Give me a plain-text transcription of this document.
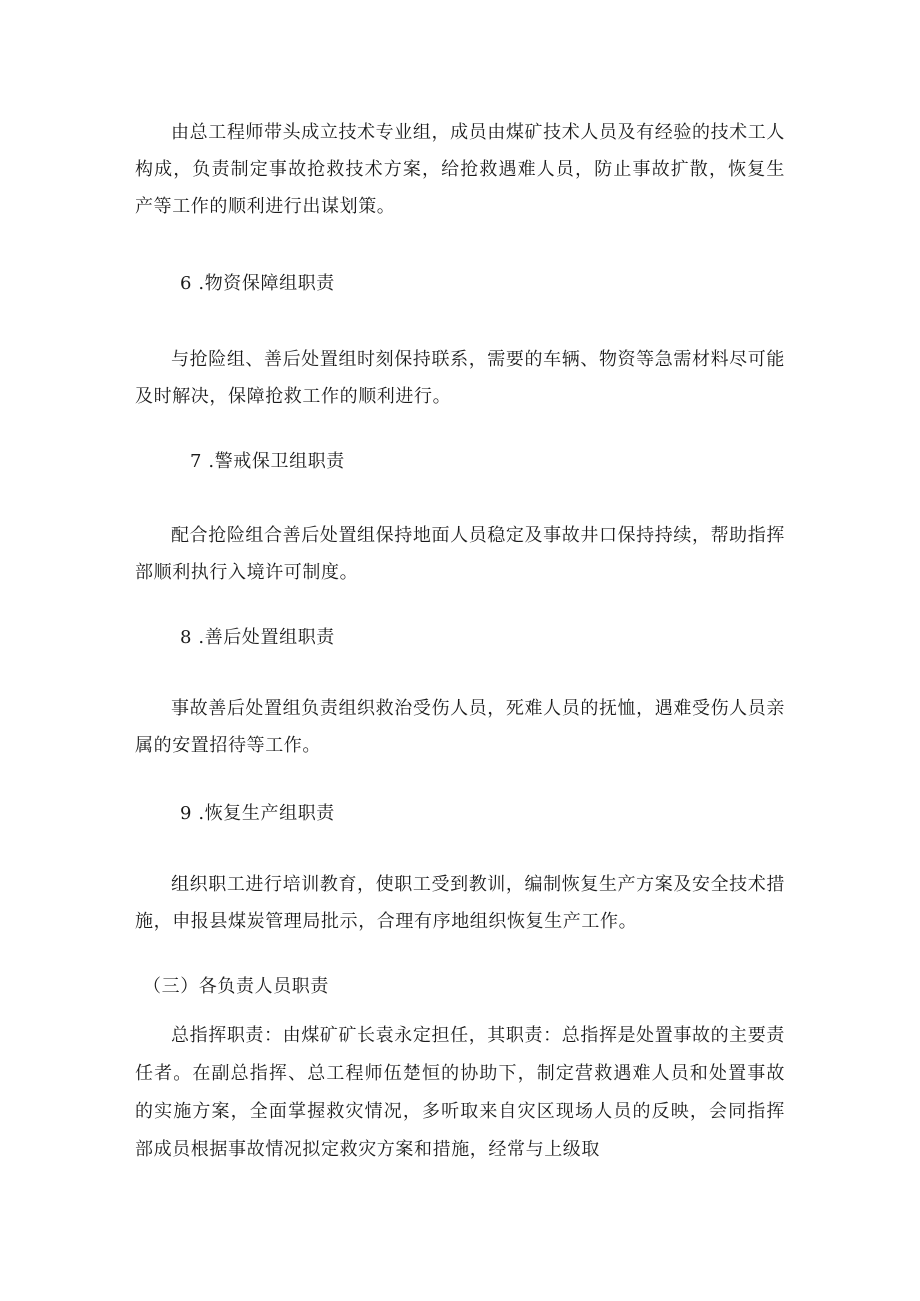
由总工程师带头成立技术专业组，成员由煤矿技术人员及有经验的技术工人构成，负责制定事故抢救技术方案，给抢救遇难人员，防止事故扩散，恢复生产等工作的顺利进行出谋划策。

6 .物资保障组职责

与抢险组、善后处置组时刻保持联系，需要的车辆、物资等急需材料尽可能及时解决，保障抢救工作的顺利进行。

7 .警戒保卫组职责

配合抢险组合善后处置组保持地面人员稳定及事故井口保持持续，帮助指挥部顺利执行入境许可制度。

8 .善后处置组职责

事故善后处置组负责组织救治受伤人员，死难人员的抚恤，遇难受伤人员亲属的安置招待等工作。

9 .恢复生产组职责

组织职工进行培训教育，使职工受到教训，编制恢复生产方案及安全技术措施，申报县煤炭管理局批示，合理有序地组织恢复生产工作。

（三）各负责人员职责

总指挥职责：由煤矿矿长袁永定担任，其职责：总指挥是处置事故的主要责任者。在副总指挥、总工程师伍楚恒的协助下，制定营救遇难人员和处置事故的实施方案，全面掌握救灾情况，多听取来自灾区现场人员的反映，会同指挥部成员根据事故情况拟定救灾方案和措施，经常与上级取
